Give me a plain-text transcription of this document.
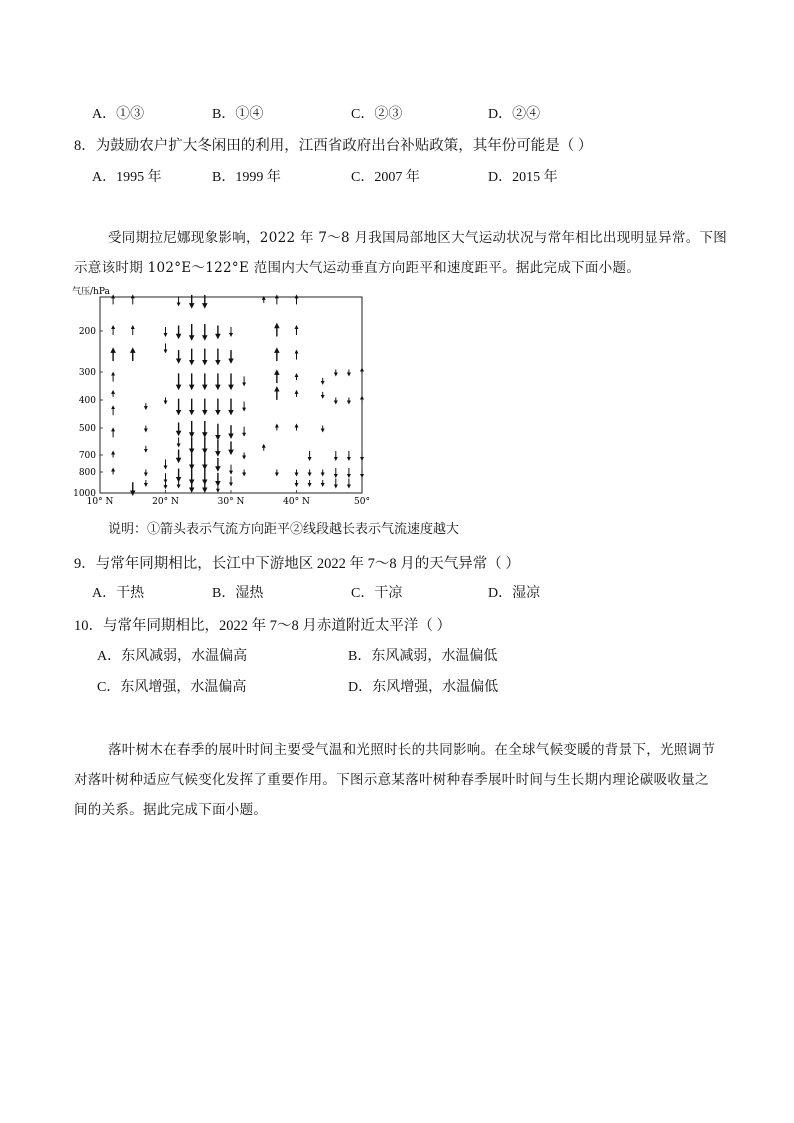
A．①③	B．①④	C．②③	D．②④
8．为鼓励农户扩大冬闲田的利用，江西省政府出台补贴政策，其年份可能是（ ）
A．1995 年	B．1999 年	C．2007 年	D．2015 年
受同期拉尼娜现象影响，2022 年 7～8 月我国局部地区大气运动状况与常年相比出现明显异常。下图
示意该时期 102°E～122°E 范围内大气运动垂直方向距平和速度距平。据此完成下面小题。
气压/hPa
200
300
400
500
700
800
1000
10° N	20° N	30° N	40° N	50°
说明：①箭头表示气流方向距平②线段越长表示气流速度越大
9．与常年同期相比，长江中下游地区 2022 年 7～8 月的天气异常（ ）
A．干热	B．湿热	C．干凉	D．湿凉
10．与常年同期相比，2022 年 7～8 月赤道附近太平洋（ ）
A．东风减弱，水温偏高	B．东风减弱，水温偏低
C．东风增强，水温偏高	D．东风增强，水温偏低
落叶树木在春季的展叶时间主要受气温和光照时长的共同影响。在全球气候变暖的背景下，光照调节
对落叶树种适应气候变化发挥了重要作用。下图示意某落叶树种春季展叶时间与生长期内理论碳吸收量之
间的关系。据此完成下面小题。
